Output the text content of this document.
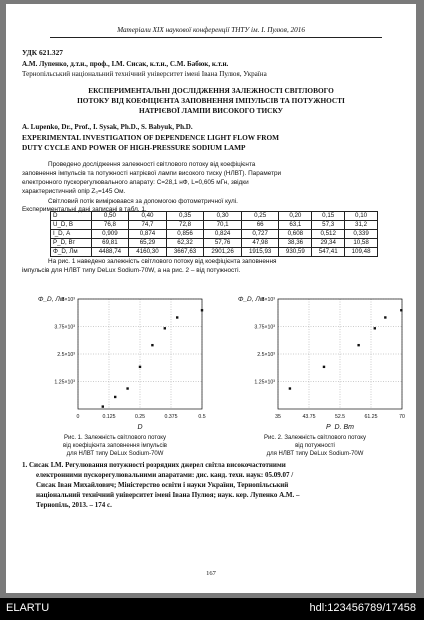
Матеріали XIX наукової конференції ТНТУ ім. І. Пулюя, 2016
УДК 621.327
А.М. Лупенко, д.т.н., проф., І.М. Сисак, к.т.н., С.М. Бабюк, к.т.н.
Тернопільський національний технічний університет імені Івана Пулюя, Україна
ЕКСПЕРИМЕНТАЛЬНІ ДОСЛІДЖЕННЯ ЗАЛЕЖНОСТІ СВІТЛОВОГО
ПОТОКУ ВІД КОЕФІЦІЄНТА ЗАПОВНЕННЯ ІМПУЛЬСІВ ТА ПОТУЖНОСТІ
НАТРІЄВОЇ ЛАМПИ ВИСОКОГО ТИСКУ
A. Lupenko, Dr., Prof., I. Sysak, Ph.D., S. Babyuk, Ph.D.
EXPERIMENTAL INVESTIGATION OF DEPENDENCE LIGHT FLOW FROM
DUTY CYCLE AND POWER OF HIGH-PRESSURE SODIUM LAMP
Проведено дослідження залежності світлового потоку від коефіцієнта
заповнення імпульсів та потужності натрієвої лампи високого тиску (НЛВТ). Параметри
електронного пускорегулювального апарату: C=28,1 нФ, L=0,605 мГн, звідки
характеристичний опір Z₀=145 Ом.
Світловий потік вимірювався за допомогою фотометричної кулі.
Експериментальні дані записані в табл. 1.
D	0,50	0,40	0,35	0,30	0,25	0,20	0,15	0,10
U_D, В	76,8	74,7	72,8	70,1	66	63,1	57,3	31,2
I_D, А	0,909	0,874	0,856	0,824	0,727	0,608	0,512	0,339
P_D, Вт	69,81	65,29	62,32	57,76	47,98	38,36	29,34	10,58
Φ_D, Лм	4488,74	4160,30	3667,63	2901,26	1915,93	930,59	547,41	109,48
На рис. 1 наведено залежність світлового потоку від коефіцієнта заповнення
імпульсів для НЛВТ типу DeLux Sodium-70W, а на рис. 2 – від потужності.
0	0.125	0.25	0.375	0.5
1.25×10³
2.5×10³
3.75×10³
5×10³
Φ_D, Лм
D
35	43.75	52.5	61.25	70
1.25×10³
2.5×10³
3.75×10³
5×10³
Φ_D, Лм
P_D, Вт
Рис. 1. Залежність світлового потоку
від коефіцієнта заповнення імпульсів
для НЛВТ типу DeLux Sodium-70W
Рис. 2. Залежність світлового потоку
від потужності
для НЛВТ типу DeLux Sodium-70W
1. Сисак І.М. Регулювання потужності розрядних джерел світла високочастотними
електронними пускорегулювальними апаратами: дис. канд. техн. наук: 05.09.07 /
Сисак Іван Михайлович; Міністерство освіти і науки України, Тернопільський
національний технічний університет імені Івана Пулюя; наук. кер. Лупенко А.М. –
Тернопіль, 2013. – 174 с.
167
ELARTU	hdl:123456789/17458
